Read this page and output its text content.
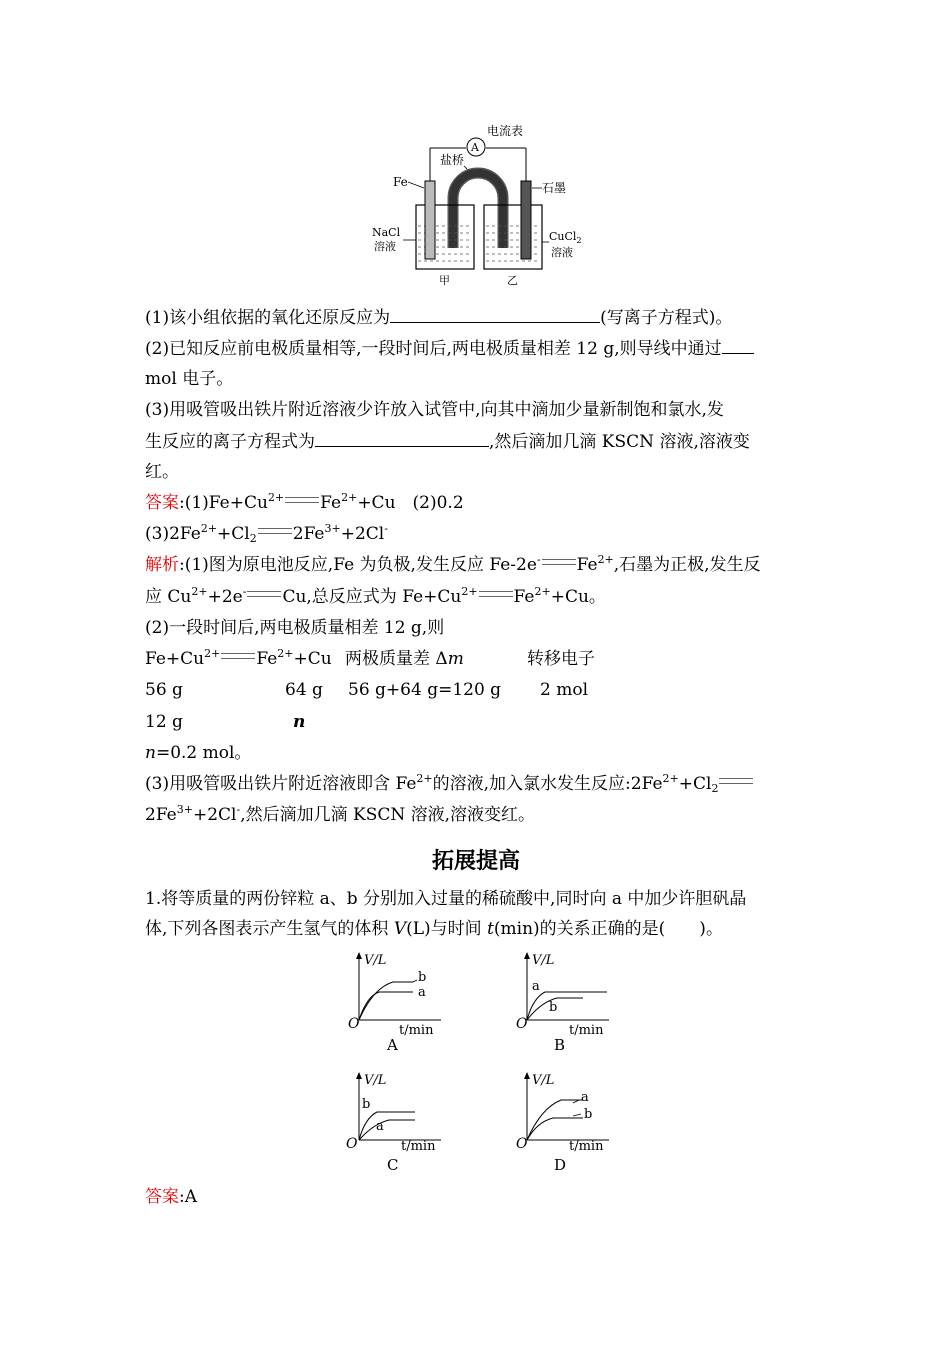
电流表
A
盐桥
Fe	石墨
NaCl
溶液
CuCl$_2$
溶液
甲	乙
(1)该小组依据的氧化还原反应为	(写离子方程式)。
(2)已知反应前电极质量相等,一段时间后,两电极质量相差 12 g,则导线中通过
mol 电子。
(3)用吸管吸出铁片附近溶液少许放入试管中,向其中滴加少量新制饱和氯水,发
生反应的离子方程式为	,然后滴加几滴 KSCN 溶液,溶液变
红。
答案$:(1)Fe+Cu^{2+}$ $Fe^{2+}+Cu$　(2)0.2
$(3)2Fe^{2+}+Cl_2$ $2Fe^{3+}+2Cl^-$
解析:(1)图为原电池反应,Fe 为负极,发生反应 Fe-2e- $Fe^{2+}$,石墨为正极,发生反
应 $Cu^{2+}+2e^-$ Cu,总反应式为 $Fe+Cu^{2+}$ $Fe^{2+}+Cu$。
(2)一段时间后,两电极质量相差 12 g,则
$Fe+Cu^{2+}$ $Fe^{2+}+Cu$ 两极质量差 Δm	转移电子
56 g	64 g 56 g+64 g=120 g 2 mol
12 g	n
n=0.2 mol。
(3)用吸管吸出铁片附近溶液即含 $Fe^{2+}$的溶液,加入氯水发生反应$:2Fe^{2+}+Cl_2$
$2Fe^{3+}+2Cl^-$,然后滴加几滴 KSCN 溶液,溶液变红。
拓展提高
1.将等质量的两份锌粒 a、b 分别加入过量的稀硫酸中,同时向 a 中加少许胆矾晶
体,下列各图表示产生氢气的体积 V(L)与时间 t(min)的关系正确的是(　　)。
V/L
O	t/min
b
a
A
V/L
O	t/min
a
b
B
V/L
O	t/min
b
a
C
V/L
O	t/min
a
b
D
答案:A
